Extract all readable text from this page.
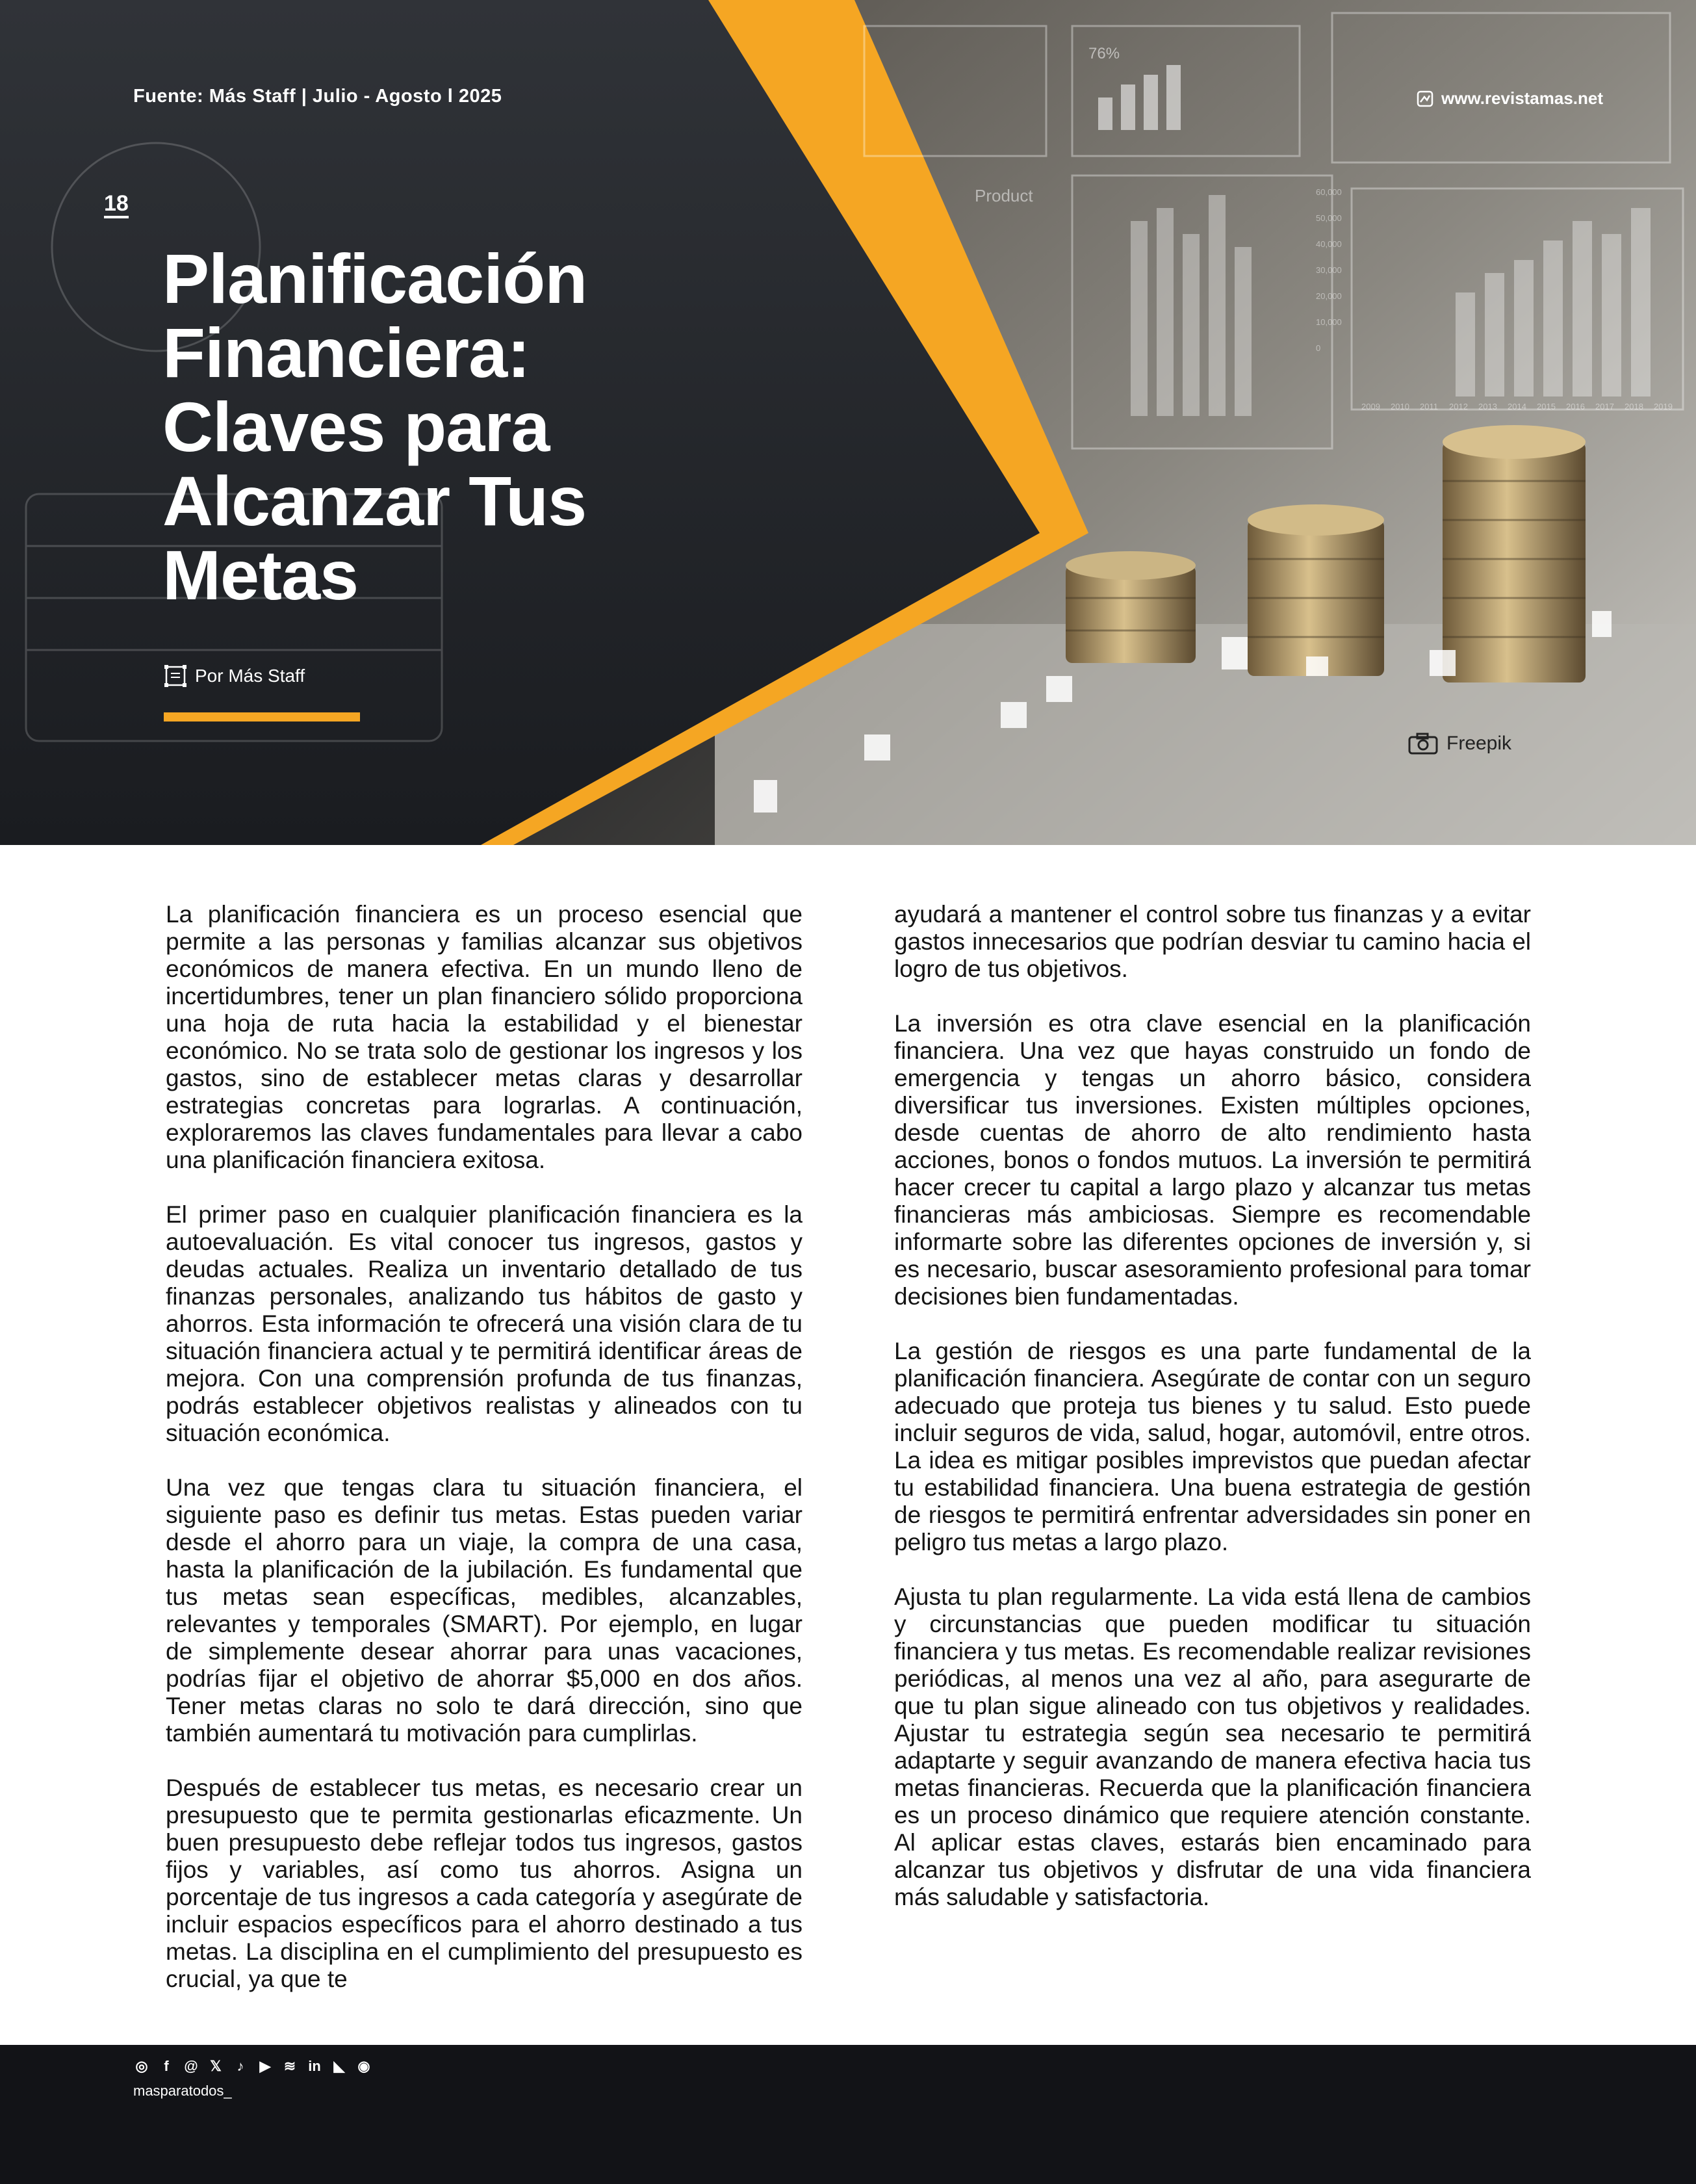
76%
Product	60,000
50,000
40,000
30,000
20,000
10,000
0
2009 2010 2011 2012 2013 2014 2015 2016 2017 2018 2019
Fuente: Más Staff | Julio - Agosto l 2025	www.revistamas.net
18
Planificación Financiera: Claves para Alcanzar Tus Metas
Por Más Staff
Freepik

La planificación financiera es un proceso esencial que permite a las personas y familias alcanzar sus objetivos económicos de manera efectiva. En un mundo lleno de incertidumbres, tener un plan financiero sólido proporciona una hoja de ruta hacia la estabilidad y el bienestar económico. No se trata solo de gestionar los ingresos y los gastos, sino de establecer metas claras y desarrollar estrategias concretas para lograrlas. A continuación, exploraremos las claves fundamentales para llevar a cabo una planificación financiera exitosa.

El primer paso en cualquier planificación financiera es la autoevaluación. Es vital conocer tus ingresos, gastos y deudas actuales. Realiza un inventario detallado de tus finanzas personales, analizando tus hábitos de gasto y ahorros. Esta información te ofrecerá una visión clara de tu situación financiera actual y te permitirá identificar áreas de mejora. Con una comprensión profunda de tus finanzas, podrás establecer objetivos realistas y alineados con tu situación económica.

Una vez que tengas clara tu situación financiera, el siguiente paso es definir tus metas. Estas pueden variar desde el ahorro para un viaje, la compra de una casa, hasta la planificación de la jubilación. Es fundamental que tus metas sean específicas, medibles, alcanzables, relevantes y temporales (SMART). Por ejemplo, en lugar de simplemente desear ahorrar para unas vacaciones, podrías fijar el objetivo de ahorrar $5,000 en dos años. Tener metas claras no solo te dará dirección, sino que también aumentará tu motivación para cumplirlas.

Después de establecer tus metas, es necesario crear un presupuesto que te permita gestionarlas eficazmente. Un buen presupuesto debe reflejar todos tus ingresos, gastos fijos y variables, así como tus ahorros. Asigna un porcentaje de tus ingresos a cada categoría y asegúrate de incluir espacios específicos para el ahorro destinado a tus metas. La disciplina en el cumplimiento del presupuesto es crucial, ya que te

ayudará a mantener el control sobre tus finanzas y a evitar gastos innecesarios que podrían desviar tu camino hacia el logro de tus objetivos.

La inversión es otra clave esencial en la planificación financiera. Una vez que hayas construido un fondo de emergencia y tengas un ahorro básico, considera diversificar tus inversiones. Existen múltiples opciones, desde cuentas de ahorro de alto rendimiento hasta acciones, bonos o fondos mutuos. La inversión te permitirá hacer crecer tu capital a largo plazo y alcanzar tus metas financieras más ambiciosas. Siempre es recomendable informarte sobre las diferentes opciones de inversión y, si es necesario, buscar asesoramiento profesional para tomar decisiones bien fundamentadas.

La gestión de riesgos es una parte fundamental de la planificación financiera. Asegúrate de contar con un seguro adecuado que proteja tus bienes y tu salud. Esto puede incluir seguros de vida, salud, hogar, automóvil, entre otros. La idea es mitigar posibles imprevistos que puedan afectar tu estabilidad financiera. Una buena estrategia de gestión de riesgos te permitirá enfrentar adversidades sin poner en peligro tus metas a largo plazo.

Ajusta tu plan regularmente. La vida está llena de cambios y circunstancias que pueden modificar tu situación financiera y tus metas. Es recomendable realizar revisiones periódicas, al menos una vez al año, para asegurarte de que tu plan sigue alineado con tus objetivos y realidades. Ajustar tu estrategia según sea necesario te permitirá adaptarte y seguir avanzando de manera efectiva hacia tus metas financieras. Recuerda que la planificación financiera es un proceso dinámico que requiere atención constante. Al aplicar estas claves, estarás bien encaminado para alcanzar tus objetivos y disfrutar de una vida financiera más saludable y satisfactoria.

◎	f	@ 𝕏	♪	▶ ≋ in ◣ ◉
masparatodos_
